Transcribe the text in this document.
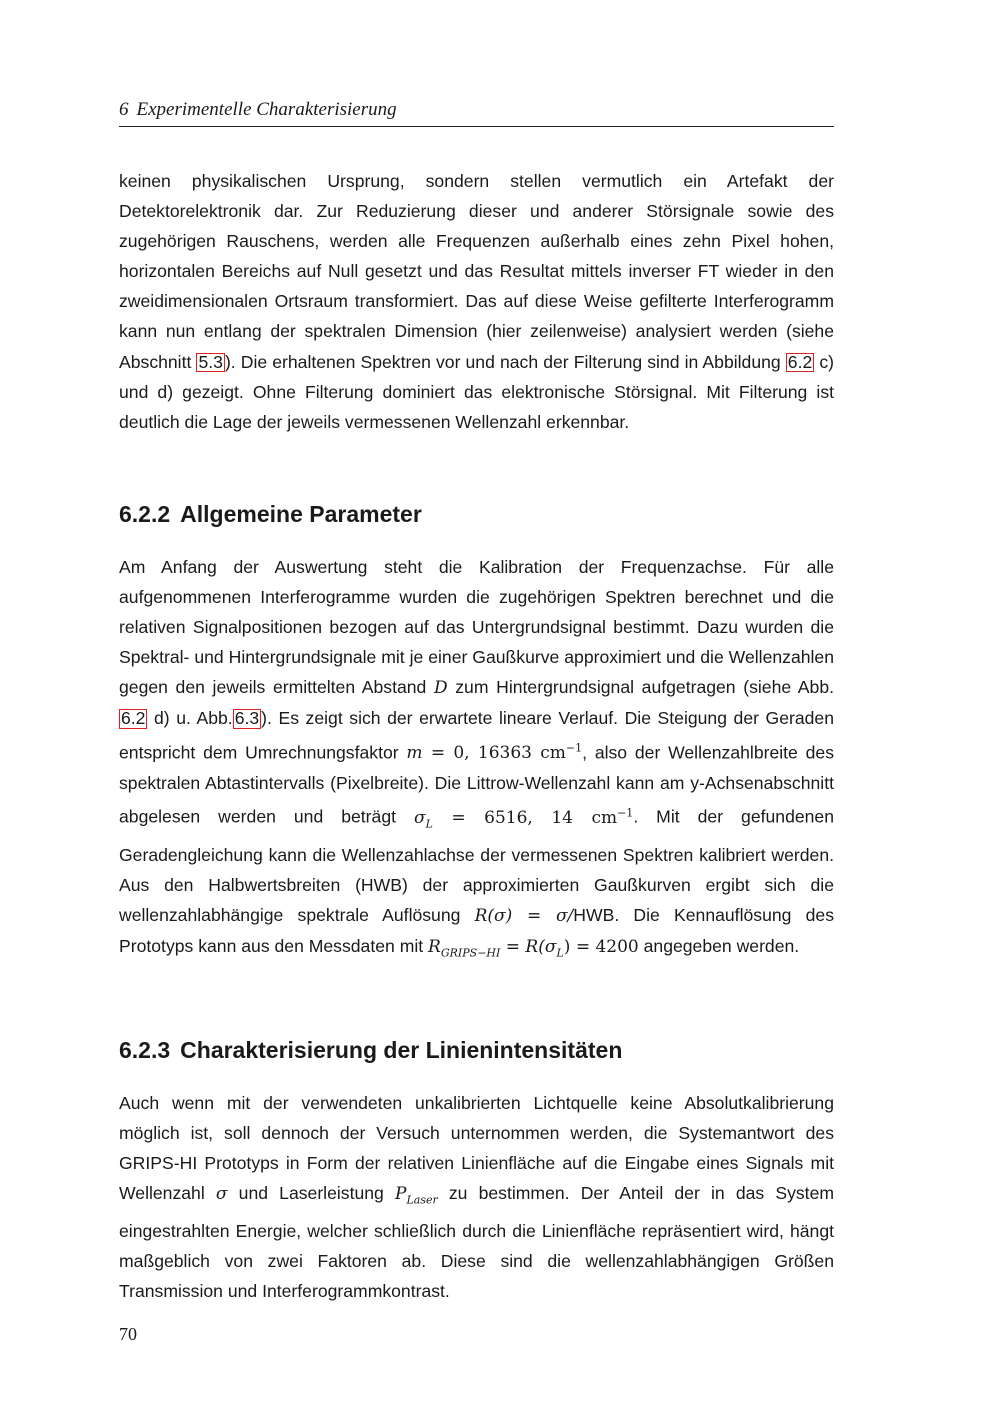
6 Experimentelle Charakterisierung

keinen physikalischen Ursprung, sondern stellen vermutlich ein Artefakt der Detektorelektronik dar. Zur Reduzierung dieser und anderer Störsignale sowie des zugehörigen Rauschens, werden alle Frequenzen außerhalb eines zehn Pixel hohen, horizontalen Bereichs auf Null gesetzt und das Resultat mittels inverser FT wieder in den zweidimensionalen Ortsraum transformiert. Das auf diese Weise gefilterte Interferogramm kann nun entlang der spektralen Dimension (hier zeilenweise) analysiert werden (siehe Abschnitt 5.3 ). Die erhaltenen Spektren vor und nach der Filterung sind in Abbildung 6.2 c) und d) gezeigt. Ohne Filterung dominiert das elektronische Störsignal. Mit Filterung ist deutlich die Lage der jeweils vermessenen Wellenzahl erkennbar.

6.2.2 Allgemeine Parameter

Am Anfang der Auswertung steht die Kalibration der Frequenzachse. Für alle aufgenommenen Interferogramme wurden die zugehörigen Spektren berechnet und die relativen Signalpositionen bezogen auf das Untergrundsignal bestimmt. Dazu wurden die Spektral- und Hintergrundsignale mit je einer Gaußkurve approximiert und die Wellenzahlen gegen den jeweils ermittelten Abstand D zum Hintergrundsignal aufgetragen (siehe Abb. 6.2 d) u. Abb. 6.3 ). Es zeigt sich der erwartete lineare Verlauf. Die Steigung der Geraden entspricht dem Umrechnungsfaktor m = 0, 16363 $cm^{-1}$, also der Wellenzahlbreite des spektralen Abtastintervalls (Pixelbreite). Die Littrow-Wellenzahl kann am y-Achsenabschnitt abgelesen werden und beträgt $\sigma_L = 6516$, 14 $cm^{-1}$. Mit der gefundenen Geradengleichung kann die Wellenzahlachse der vermessenen Spektren kalibriert werden. Aus den Halbwertsbreiten (HWB) der approximierten Gaußkurven ergibt sich die wellenzahlabhängige spektrale Auflösung R(σ) = σ/HWB. Die Kennauflösung des Prototyps kann aus den Messdaten mit $R_{GRIPS-HI} = R(\sigma_L) = 4200$ angegeben werden.

6.2.3 Charakterisierung der Linienintensitäten

Auch wenn mit der verwendeten unkalibrierten Lichtquelle keine Absolutkalibrierung möglich ist, soll dennoch der Versuch unternommen werden, die Systemantwort des GRIPS-HI Prototyps in Form der relativen Linienfläche auf die Eingabe eines Signals mit Wellenzahl σ und Laserleistung $P_{Laser}$ zu bestimmen. Der Anteil der in das System eingestrahlten Energie, welcher schließlich durch die Linienfläche repräsentiert wird, hängt maßgeblich von zwei Faktoren ab. Diese sind die wellenzahlabhängigen Größen Transmission und Interferogrammkontrast.

70
